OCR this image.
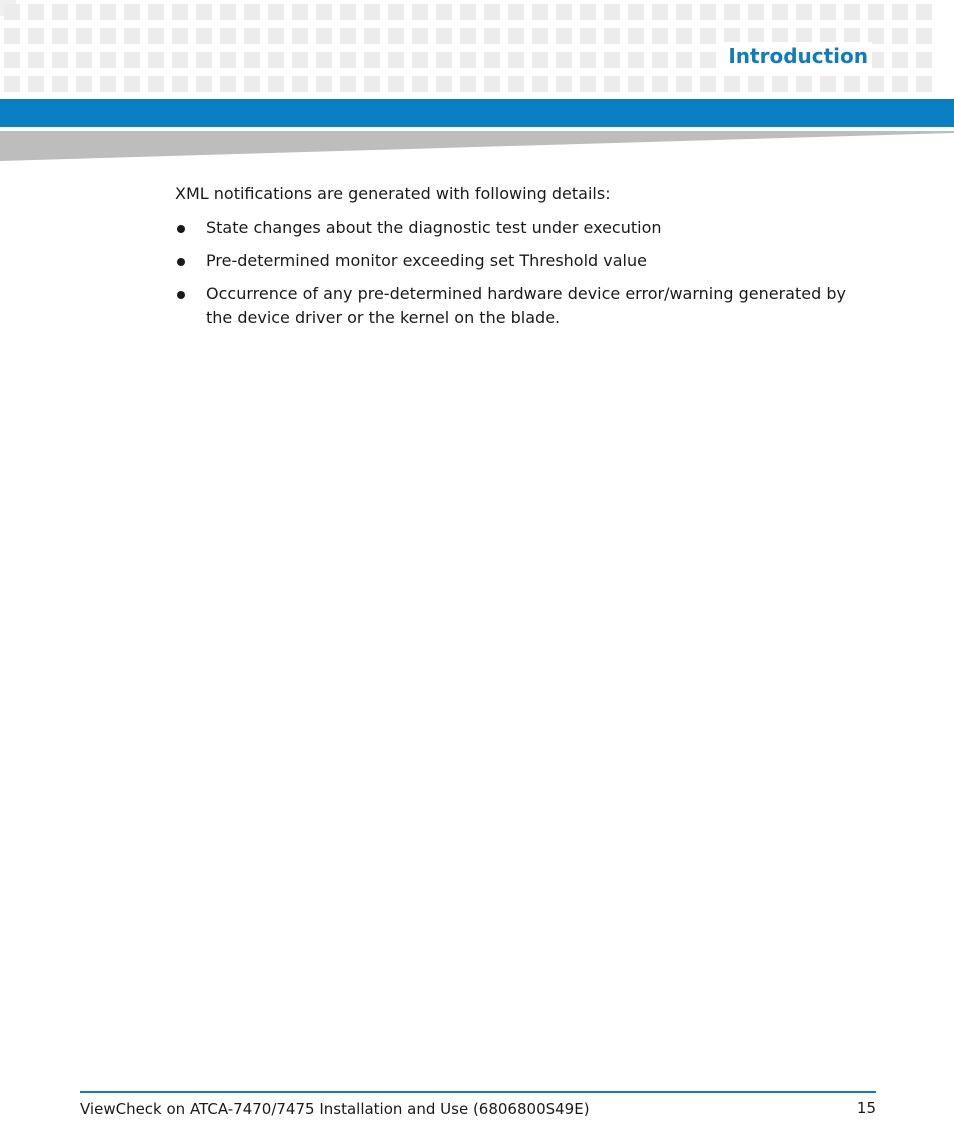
Introduction

XML notifications are generated with following details:

State changes about the diagnostic test under execution
Pre-determined monitor exceeding set Threshold value
Occurrence of any pre-determined hardware device error/warning generated by the device driver or the kernel on the blade.
ViewCheck on ATCA-7470/7475 Installation and Use (6806800S49E)	15
